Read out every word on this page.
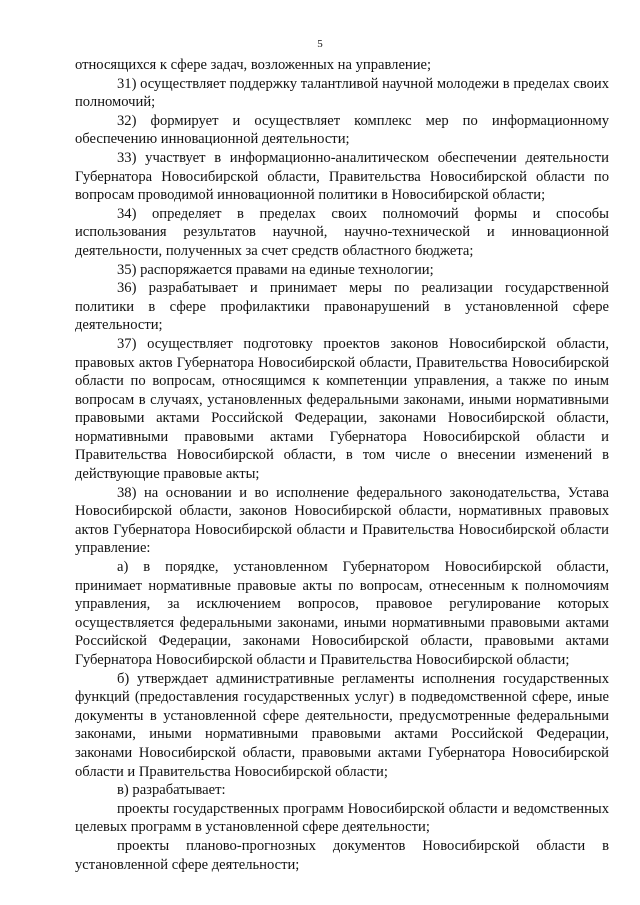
5

относящихся к сфере задач, возложенных на управление;

31) осуществляет поддержку талантливой научной молодежи в пределах своих полномочий;

32) формирует и осуществляет комплекс мер по информационному обеспечению инновационной деятельности;

33) участвует в информационно-аналитическом обеспечении деятельности Губернатора Новосибирской области, Правительства Новосибирской области по вопросам проводимой инновационной политики в Новосибирской области;

34) определяет в пределах своих полномочий формы и способы использования результатов научной, научно-технической и инновационной деятельности, полученных за счет средств областного бюджета;

35) распоряжается правами на единые технологии;

36) разрабатывает и принимает меры по реализации государственной политики в сфере профилактики правонарушений в установленной сфере деятельности;

37) осуществляет подготовку проектов законов Новосибирской области, правовых актов Губернатора Новосибирской области, Правительства Новосибирской области по вопросам, относящимся к компетенции управления, а также по иным вопросам в случаях, установленных федеральными законами, иными нормативными правовыми актами Российской Федерации, законами Новосибирской области, нормативными правовыми актами Губернатора Новосибирской области и Правительства Новосибирской области, в том числе о внесении изменений в действующие правовые акты;

38) на основании и во исполнение федерального законодательства, Устава Новосибирской области, законов Новосибирской области, нормативных правовых актов Губернатора Новосибирской области и Правительства Новосибирской области управление:

а) в порядке, установленном Губернатором Новосибирской области, принимает нормативные правовые акты по вопросам, отнесенным к полномочиям управления, за исключением вопросов, правовое регулирование которых осуществляется федеральными законами, иными нормативными правовыми актами Российской Федерации, законами Новосибирской области, правовыми актами Губернатора Новосибирской области и Правительства Новосибирской области;

б) утверждает административные регламенты исполнения государственных функций (предоставления государственных услуг) в подведомственной сфере, иные документы в установленной сфере деятельности, предусмотренные федеральными законами, иными нормативными правовыми актами Российской Федерации, законами Новосибирской области, правовыми актами Губернатора Новосибирской области и Правительства Новосибирской области;

в) разрабатывает:

проекты государственных программ Новосибирской области и ведомственных целевых программ в установленной сфере деятельности;

проекты планово-прогнозных документов Новосибирской области в установленной сфере деятельности;
